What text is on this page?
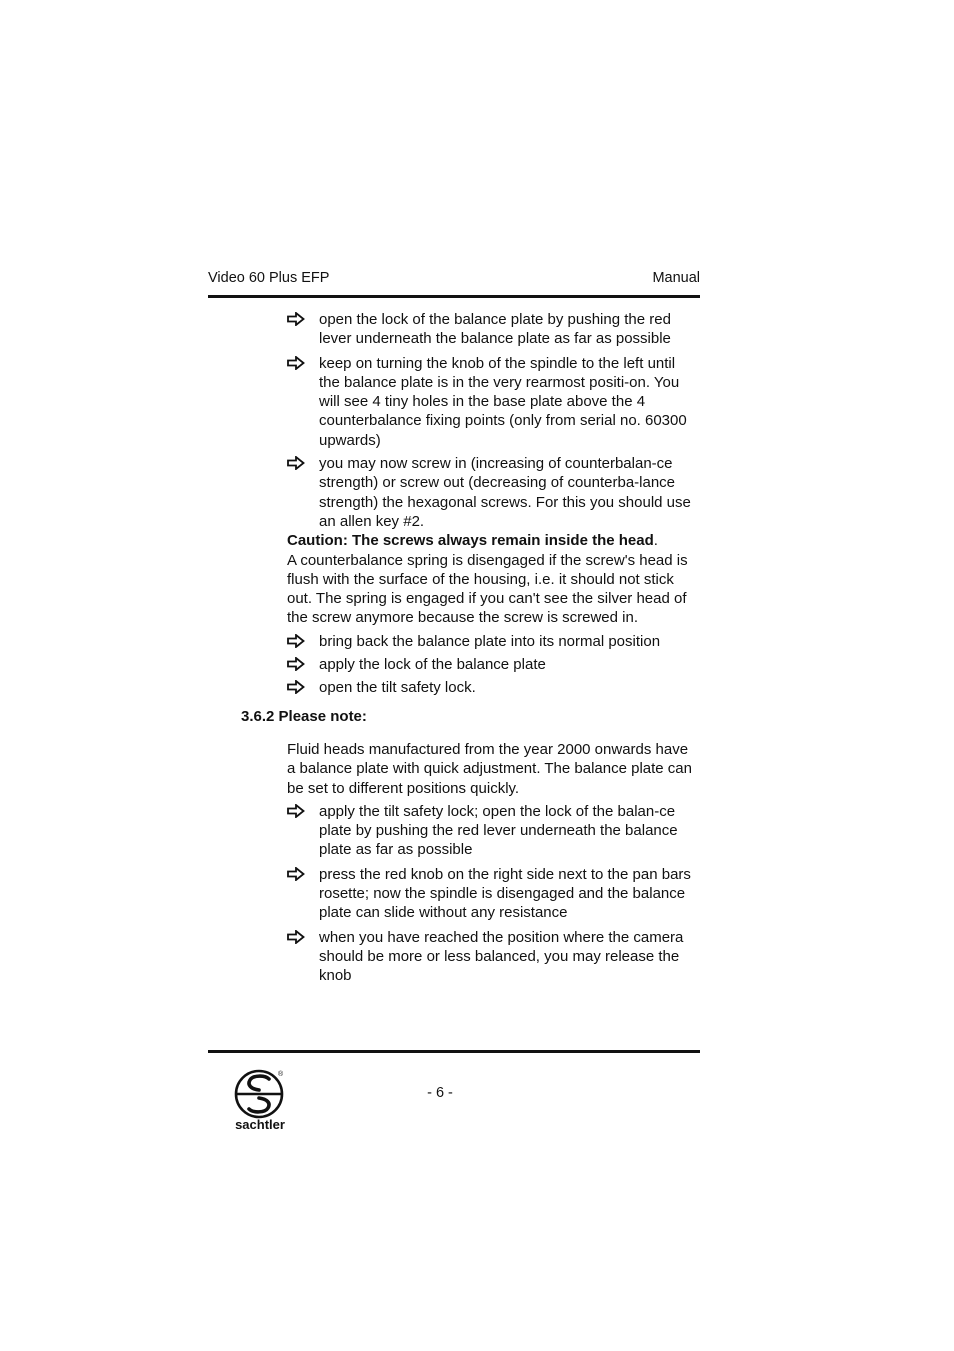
Video 60 Plus EFP	Manual

open the lock of the balance plate by pushing the red lever underneath the balance plate as far as possible

keep on turning the knob of the spindle to the left until the balance plate is in the very rearmost positi-on. You will see 4 tiny holes in the base plate above the 4 counterbalance fixing points (only from serial no. 60300 upwards)

you may now screw in (increasing of counterbalan-ce strength) or screw out (decreasing of counterba-lance strength) the hexagonal screws. For this you should use an allen key #2.

Caution: The screws always remain inside the head.
A counterbalance spring is disengaged if the screw's head is flush with the surface of the housing, i.e. it should not stick out. The spring is engaged if you can't see the silver head of the screw anymore because the screw is screwed in.

bring back the balance plate into its normal position

apply the lock of the balance plate

open the tilt safety lock.

3.6.2 Please note:

Fluid heads manufactured from the year 2000 onwards have a balance plate with quick adjustment. The balance plate can be set to different positions quickly.

apply the tilt safety lock; open the lock of the balan-ce plate by pushing the red lever underneath the balance plate as far as possible

press the red knob on the right side next to the pan bars rosette; now the spindle is disengaged and the balance plate can slide without any resistance

when you have reached the position where the camera should be more or less balanced, you may release the knob

®
sachtler
- 6 -
